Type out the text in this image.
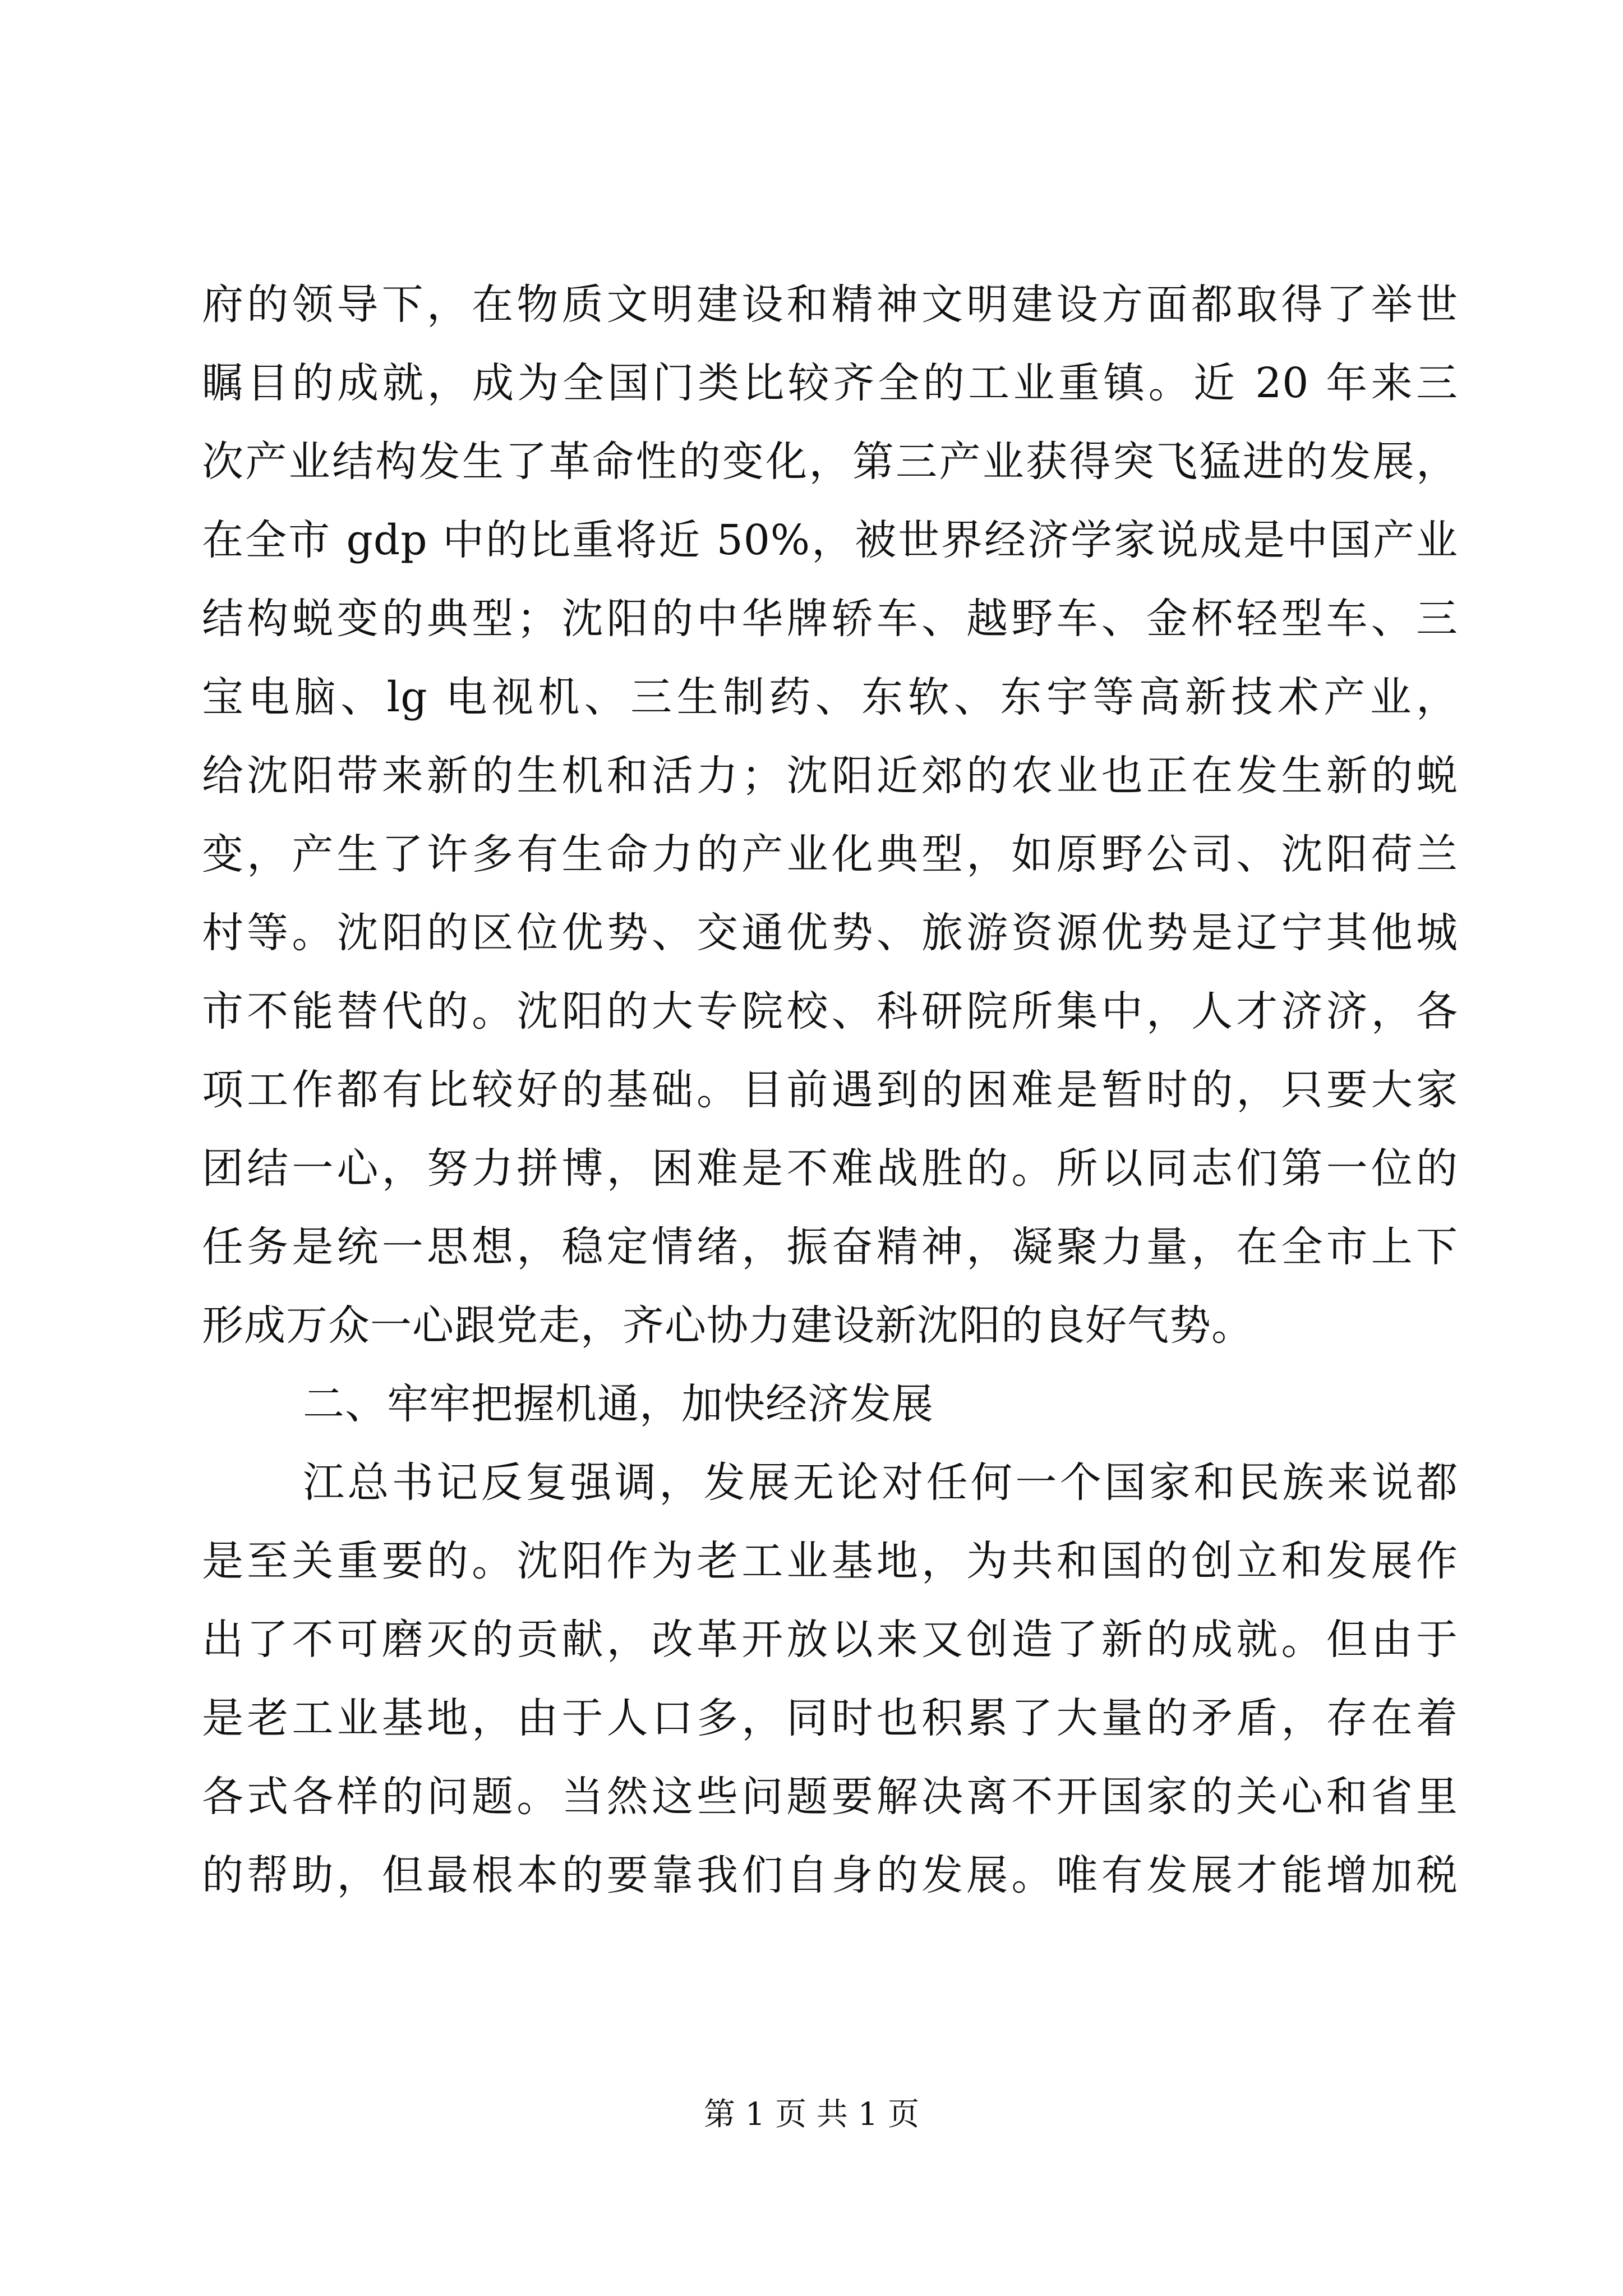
府的领导下，在物质文明建设和精神文明建设方面都取得了举世
瞩目的成就，成为全国门类比较齐全的工业重镇。近 20 年来三
次产业结构发生了革命性的变化，第三产业获得突飞猛进的发展，
在全市 gdp 中的比重将近 50%，被世界经济学家说成是中国产业
结构蜕变的典型；沈阳的中华牌轿车、越野车、金杯轻型车、三
宝电脑、lg 电视机、三生制药、东软、东宇等高新技术产业，
给沈阳带来新的生机和活力；沈阳近郊的农业也正在发生新的蜕
变，产生了许多有生命力的产业化典型，如原野公司、沈阳荷兰
村等。沈阳的区位优势、交通优势、旅游资源优势是辽宁其他城
市不能替代的。沈阳的大专院校、科研院所集中，人才济济，各
项工作都有比较好的基础。目前遇到的困难是暂时的，只要大家
团结一心，努力拼博，困难是不难战胜的。所以同志们第一位的
任务是统一思想，稳定情绪，振奋精神，凝聚力量，在全市上下
形成万众一心跟党走，齐心协力建设新沈阳的良好气势。
二、牢牢把握机通，加快经济发展
江总书记反复强调，发展无论对任何一个国家和民族来说都
是至关重要的。沈阳作为老工业基地，为共和国的创立和发展作
出了不可磨灭的贡献，改革开放以来又创造了新的成就。但由于
是老工业基地，由于人口多，同时也积累了大量的矛盾，存在着
各式各样的问题。当然这些问题要解决离不开国家的关心和省里
的帮助，但最根本的要靠我们自身的发展。唯有发展才能增加税
第 1 页 共 1 页
